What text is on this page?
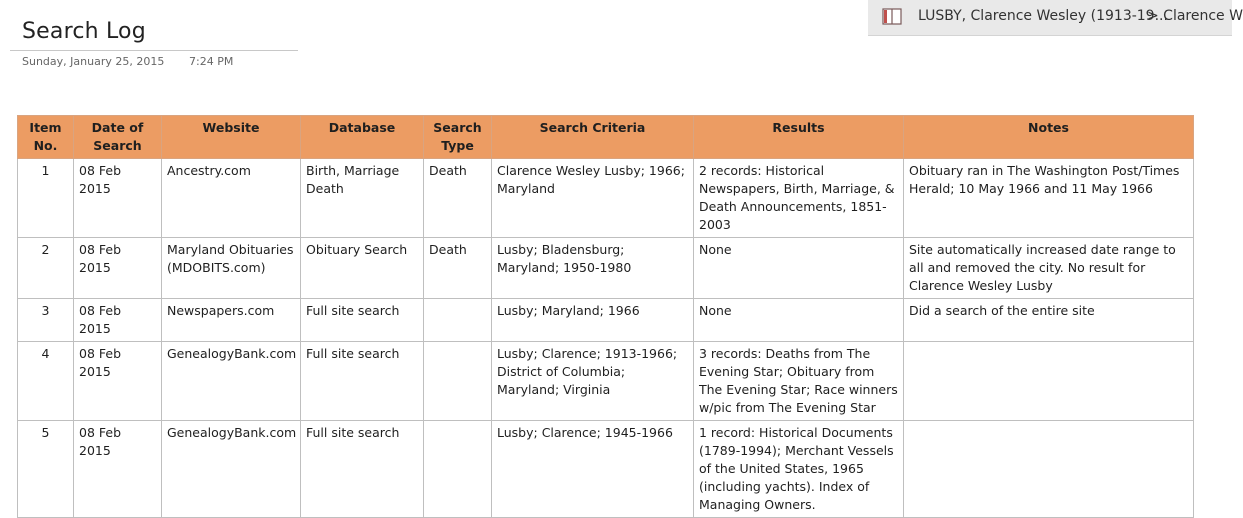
LUSBY, Clarence Wesley (1913-19...
> Clarence W
Search Log
Sunday, January 25, 2015 7:24 PM
Item No.	Date of Search	Website	Database	Search Type	Search Criteria	Results	Notes
1	08 Feb 2015	Ancestry.com	Birth, Marriage Death	Death	Clarence Wesley Lusby; 1966; Maryland	2 records: Historical Newspapers, Birth, Marriage, & Death Announcements, 1851-2003	Obituary ran in The Washington Post/Times Herald; 10 May 1966 and 11 May 1966
2	08 Feb 2015	Maryland Obituaries (MDOBITS.com)	Obituary Search	Death	Lusby; Bladensburg; Maryland; 1950-1980	None	Site automatically increased date range to all and removed the city. No result for Clarence Wesley Lusby
3	08 Feb 2015	Newspapers.com	Full site search		Lusby; Maryland; 1966	None	Did a search of the entire site
4	08 Feb 2015	GenealogyBank.com	Full site search		Lusby; Clarence; 1913-1966; District of Columbia; Maryland; Virginia	3 records: Deaths from The Evening Star; Obituary from The Evening Star; Race winners w/pic from The Evening Star	
5	08 Feb 2015	GenealogyBank.com	Full site search		Lusby; Clarence; 1945-1966	1 record: Historical Documents (1789-1994); Merchant Vessels of the United States, 1965 (including yachts). Index of Managing Owners.	
